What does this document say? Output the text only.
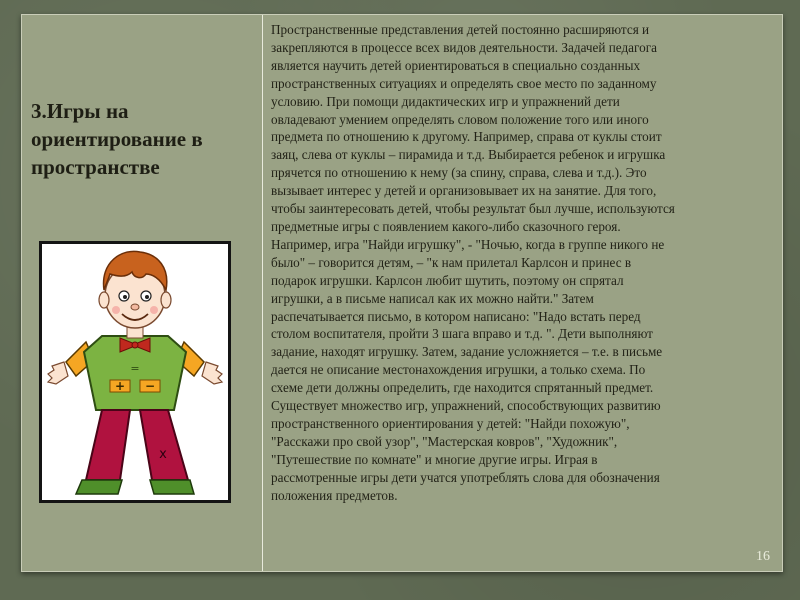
3.Игры на ориентирование в пространстве
=
+ −
x
Пространственные представления детей постоянно расширяются и
закрепляются в процессе всех видов деятельности. Задачей педагога
является научить детей ориентироваться в специально созданных
пространственных ситуациях и определять свое место по заданному
условию. При помощи дидактических игр и упражнений дети
овладевают умением определять словом положение того или иного
предмета по отношению к другому. Например, справа от куклы стоит
заяц, слева от куклы – пирамида и т.д. Выбирается ребенок и игрушка
прячется по отношению к нему (за спину, справа, слева и т.д.). Это
вызывает интерес у детей и организовывает их на занятие. Для того,
чтобы заинтересовать детей, чтобы результат был лучше, используются
предметные игры с появлением какого-либо сказочного героя.
Например, игра "Найди игрушку", - "Ночью, когда в группе никого не
было" – говорится детям, – "к нам прилетал Карлсон и принес в
подарок игрушки. Карлсон любит шутить, поэтому он спрятал
игрушки, а в письме написал как их можно найти." Затем
распечатывается письмо, в котором написано: "Надо встать перед
столом воспитателя, пройти 3 шага вправо и т.д. ". Дети выполняют
задание, находят игрушку. Затем, задание усложняется – т.е. в письме
дается не описание местонахождения игрушки, а только схема. По
схеме дети должны определить, где находится спрятанный предмет.
Существует множество игр, упражнений, способствующих развитию
пространственного ориентирования у детей: "Найди похожую",
"Расскажи про свой узор", "Мастерская ковров", "Художник",
"Путешествие по комнате" и многие другие игры. Играя в
рассмотренные игры дети учатся употреблять слова для обозначения
положения предметов.
16
